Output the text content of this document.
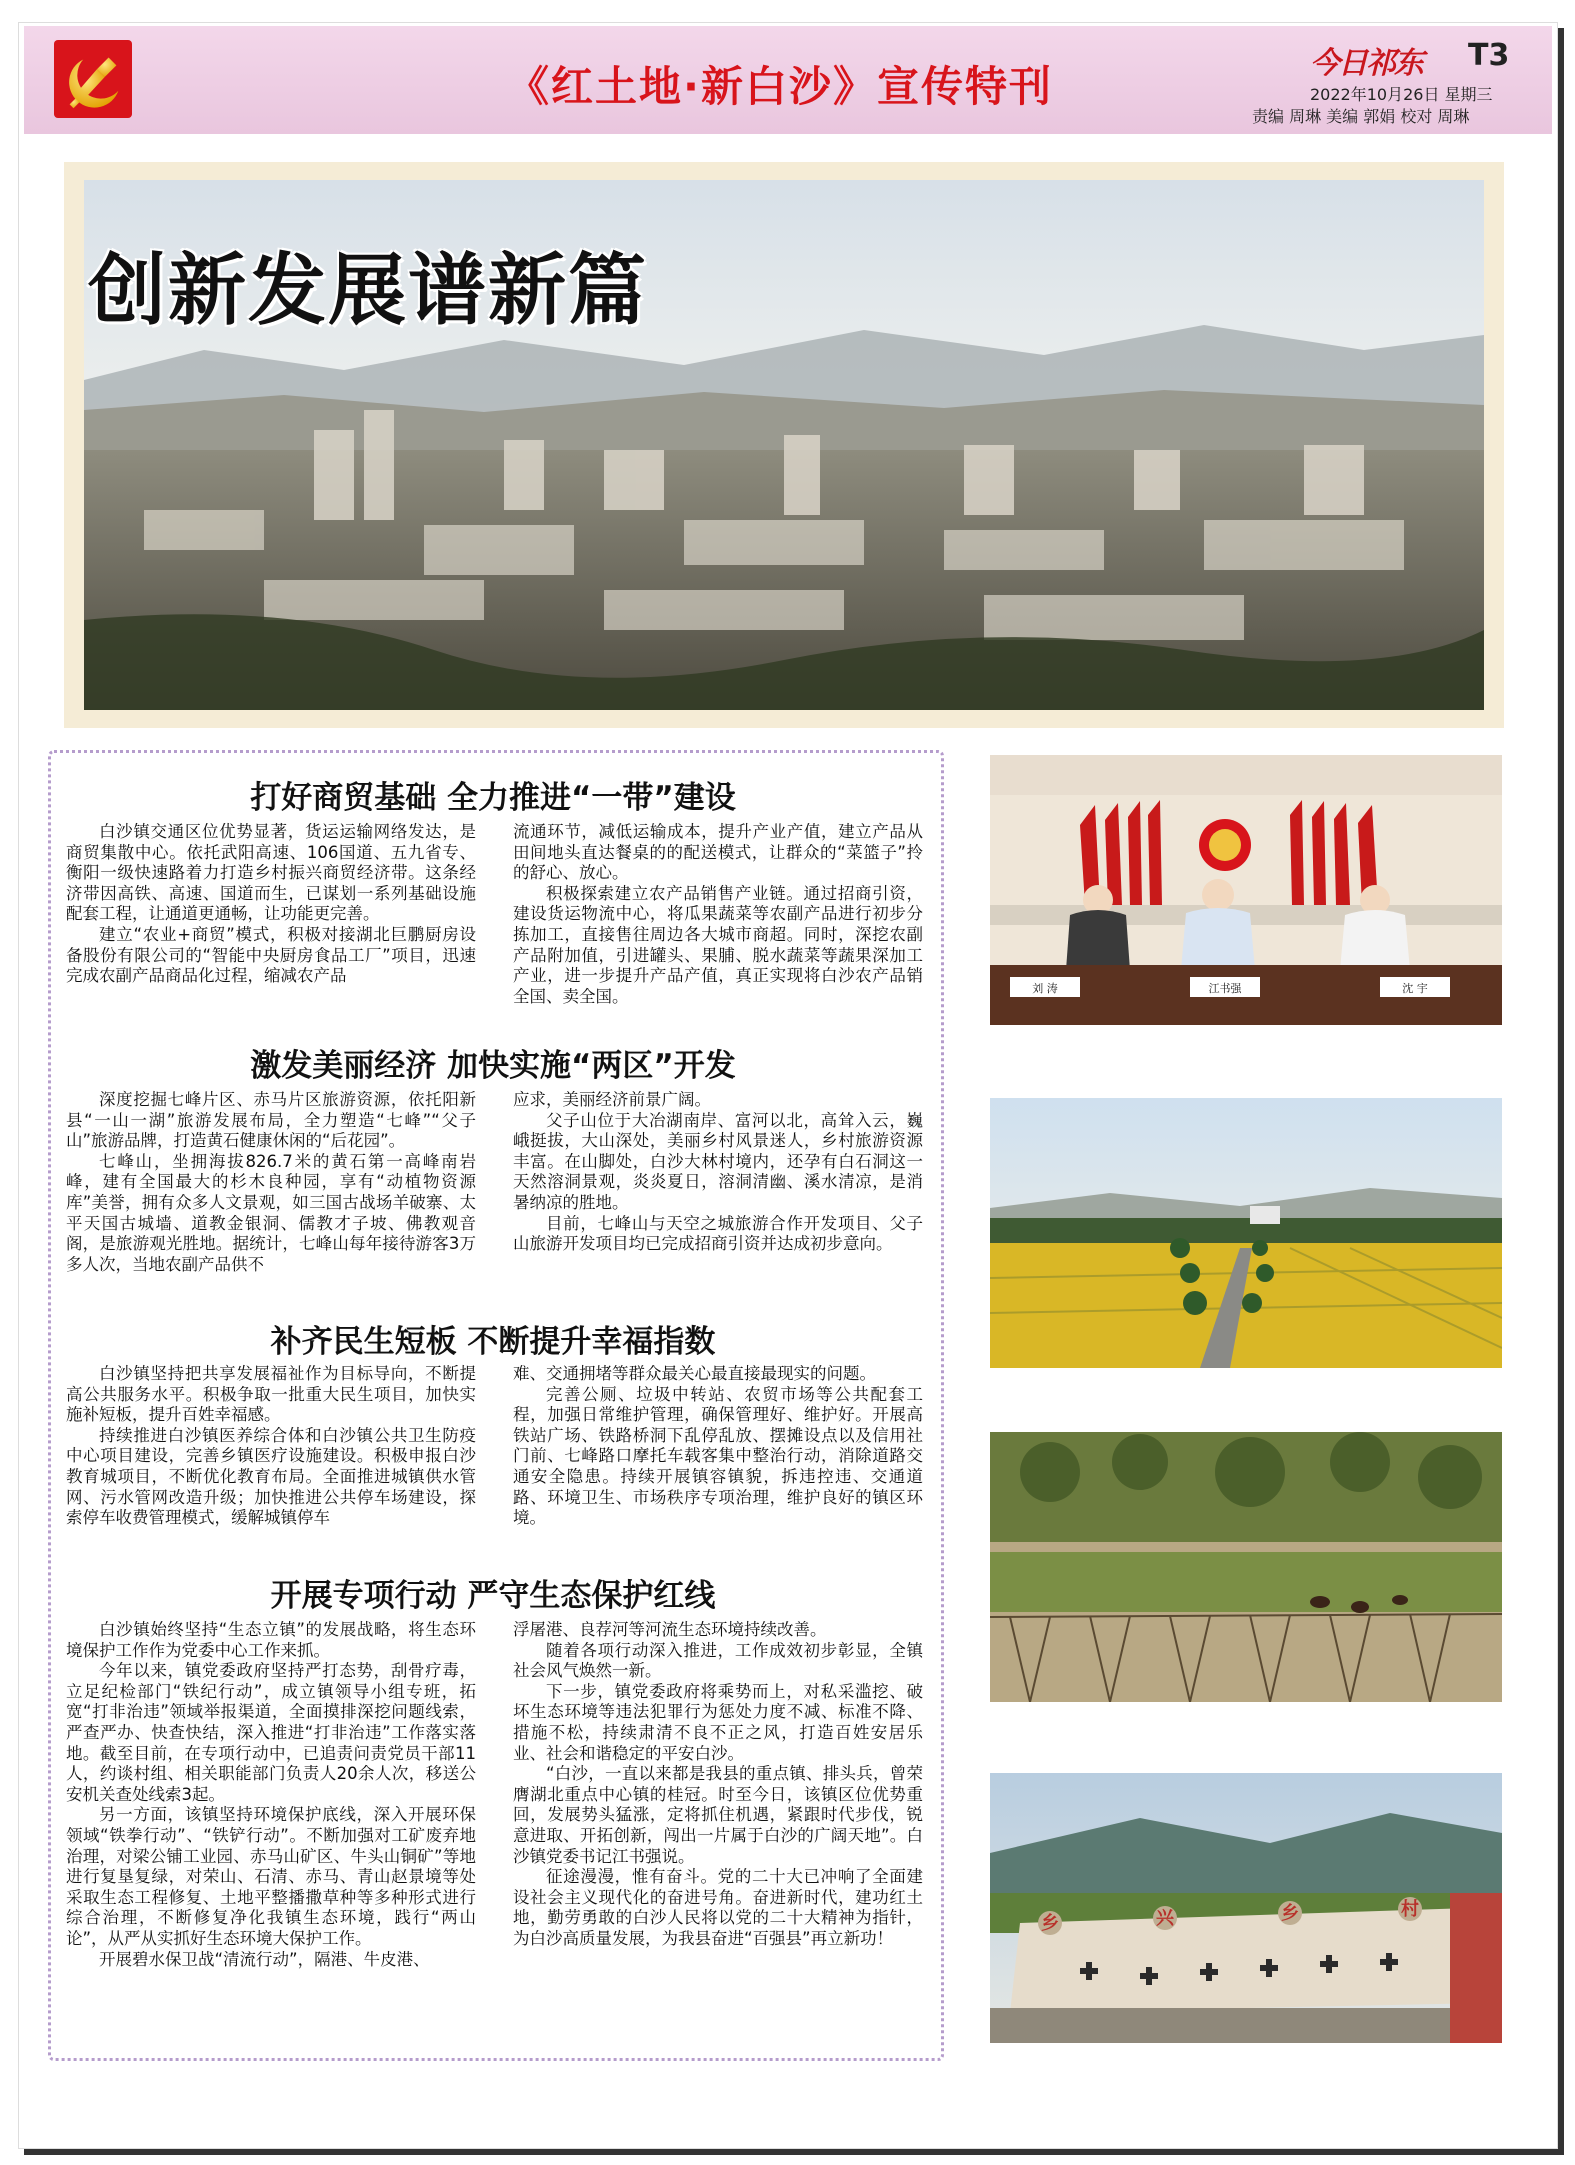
《红土地·新白沙》宣传特刊	今日祁东 T3
2022年10月26日 星期三
责编 周琳 美编 郭娟 校对 周琳
创新发展谱新篇
打好商贸基础 全力推进“一带”建设

白沙镇交通区位优势显著，货运运输网络发达，是商贸集散中心。依托武阳高速、106国道、五九省专、衡阳一级快速路着力打造乡村振兴商贸经济带。这条经济带因高铁、高速、国道而生，已谋划一系列基础设施配套工程，让通道更通畅，让功能更完善。

建立“农业+商贸”模式，积极对接湖北巨鹏厨房设备股份有限公司的“智能中央厨房食品工厂”项目，迅速完成农副产品商品化过程，缩减农产品

流通环节，减低运输成本，提升产业产值，建立产品从田间地头直达餐桌的的配送模式，让群众的“菜篮子”拎的舒心、放心。

积极探索建立农产品销售产业链。通过招商引资，建设货运物流中心，将瓜果蔬菜等农副产品进行初步分拣加工，直接售往周边各大城市商超。同时，深挖农副产品附加值，引进罐头、果脯、脱水蔬菜等蔬果深加工产业，进一步提升产品产值，真正实现将白沙农产品销全国、卖全国。

激发美丽经济 加快实施“两区”开发

深度挖掘七峰片区、赤马片区旅游资源，依托阳新县“一山一湖”旅游发展布局，全力塑造“七峰”“父子山”旅游品牌，打造黄石健康休闲的“后花园”。

七峰山，坐拥海拔826.7米的黄石第一高峰南岩峰，建有全国最大的杉木良种园，享有“动植物资源库”美誉，拥有众多人文景观，如三国古战场羊破寨、太平天国古城墙、道教金银洞、儒教才子坡、佛教观音阁，是旅游观光胜地。据统计，七峰山每年接待游客3万多人次，当地农副产品供不

应求，美丽经济前景广阔。

父子山位于大冶湖南岸、富河以北，高耸入云，巍峨挺拔，大山深处，美丽乡村风景迷人，乡村旅游资源丰富。在山脚处，白沙大林村境内，还孕有白石洞这一天然溶洞景观，炎炎夏日，溶洞清幽、溪水清凉，是消暑纳凉的胜地。

目前，七峰山与天空之城旅游合作开发项目、父子山旅游开发项目均已完成招商引资并达成初步意向。

补齐民生短板 不断提升幸福指数

白沙镇坚持把共享发展福祉作为目标导向，不断提高公共服务水平。积极争取一批重大民生项目，加快实施补短板，提升百姓幸福感。

持续推进白沙镇医养综合体和白沙镇公共卫生防疫中心项目建设，完善乡镇医疗设施建设。积极申报白沙教育城项目，不断优化教育布局。全面推进城镇供水管网、污水管网改造升级；加快推进公共停车场建设，探索停车收费管理模式，缓解城镇停车

难、交通拥堵等群众最关心最直接最现实的问题。

完善公厕、垃圾中转站、农贸市场等公共配套工程，加强日常维护管理，确保管理好、维护好。开展高铁站广场、铁路桥洞下乱停乱放、摆摊设点以及信用社门前、七峰路口摩托车载客集中整治行动，消除道路交通安全隐患。持续开展镇容镇貌，拆违控违、交通道路、环境卫生、市场秩序专项治理，维护良好的镇区环境。

开展专项行动 严守生态保护红线

白沙镇始终坚持“生态立镇”的发展战略，将生态环境保护工作作为党委中心工作来抓。

今年以来，镇党委政府坚持严打态势，刮骨疗毒，立足纪检部门“铁纪行动”，成立镇领导小组专班，拓宽“打非治违”领域举报渠道，全面摸排深挖问题线索，严查严办、快查快结，深入推进“打非治违”工作落实落地。截至目前，在专项行动中，已追责问责党员干部11人，约谈村组、相关职能部门负责人20余人次，移送公安机关查处线索3起。

另一方面，该镇坚持环境保护底线，深入开展环保领域“铁拳行动”、“铁铲行动”。不断加强对工矿废弃地治理，对梁公铺工业园、赤马山矿区、牛头山铜矿”等地进行复垦复绿，对荣山、石清、赤马、青山赵景境等处采取生态工程修复、土地平整播撒草种等多种形式进行综合治理，不断修复净化我镇生态环境，践行“两山论”，从严从实抓好生态环境大保护工作。

开展碧水保卫战“清流行动”，隔港、牛皮港、

浮屠港、良荐河等河流生态环境持续改善。

随着各项行动深入推进，工作成效初步彰显，全镇社会风气焕然一新。

下一步，镇党委政府将乘势而上，对私采滥挖、破坏生态环境等违法犯罪行为惩处力度不减、标准不降、措施不松，持续肃清不良不正之风，打造百姓安居乐业、社会和谐稳定的平安白沙。

“白沙，一直以来都是我县的重点镇、排头兵，曾荣膺湖北重点中心镇的桂冠。时至今日，该镇区位优势重回，发展势头猛涨，定将抓住机遇，紧跟时代步伐，锐意进取、开拓创新，闯出一片属于白沙的广阔天地”。白沙镇党委书记江书强说。

征途漫漫，惟有奋斗。党的二十大已冲响了全面建设社会主义现代化的奋进号角。奋进新时代，建功红土地，勤劳勇敢的白沙人民将以党的二十大精神为指针，为白沙高质量发展，为我县奋进“百强县”再立新功！

刘 涛	江书强	沈 宇
乡	兴	乡	村
